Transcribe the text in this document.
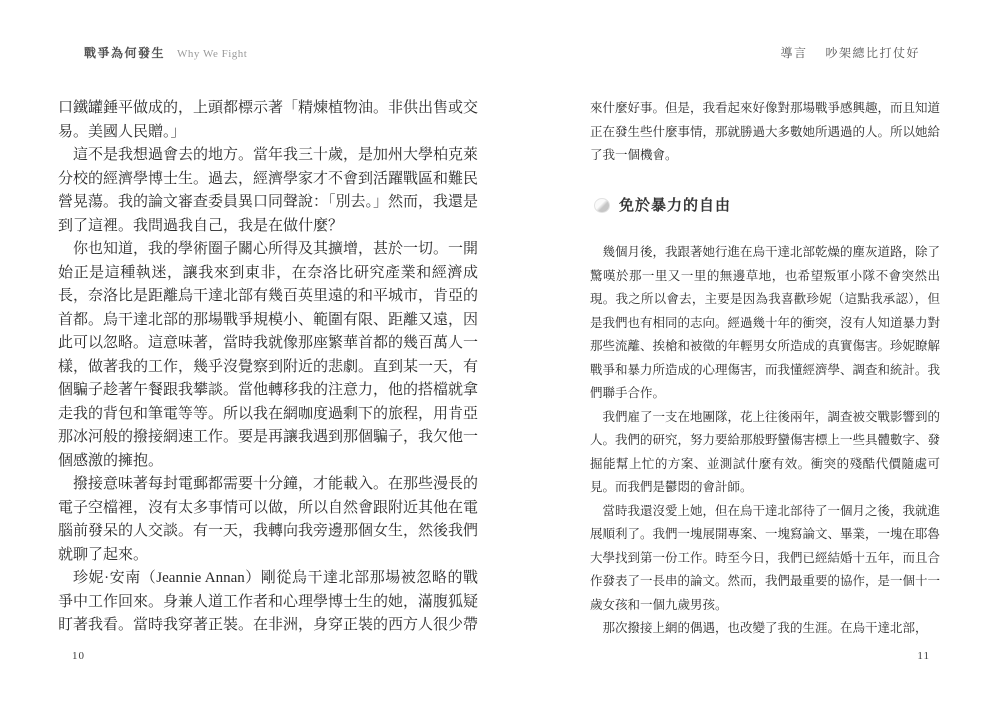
戰爭為何發生 Why We Fight	導言 吵架總比打仗好

口鐵罐錘平做成的，上頭都標示著「精煉植物油。非供出售或交易。美國人民贈。」

這不是我想過會去的地方。當年我三十歲，是加州大學柏克萊分校的經濟學博士生。過去，經濟學家才不會到活躍戰區和難民營晃蕩。我的論文審查委員異口同聲說：「別去。」然而，我還是到了這裡。我問過我自己，我是在做什麼？

你也知道，我的學術圈子關心所得及其擴增，甚於一切。一開始正是這種執迷，讓我來到東非，在奈洛比研究產業和經濟成長，奈洛比是距離烏干達北部有幾百英里遠的和平城市，肯亞的首都。烏干達北部的那場戰爭規模小、範圍有限、距離又遠，因此可以忽略。這意味著，當時我就像那座繁華首都的幾百萬人一樣，做著我的工作，幾乎沒覺察到附近的悲劇。直到某一天，有個騙子趁著午餐跟我攀談。當他轉移我的注意力，他的搭檔就拿走我的背包和筆電等等。所以我在網咖度過剩下的旅程，用肯亞那冰河般的撥接網速工作。要是再讓我遇到那個騙子，我欠他一個感激的擁抱。

撥接意味著每封電郵都需要十分鐘，才能載入。在那些漫長的電子空檔裡，沒有太多事情可以做，所以自然會跟附近其他在電腦前發呆的人交談。有一天，我轉向我旁邊那個女生，然後我們就聊了起來。

珍妮·安南（Jeannie Annan）剛從烏干達北部那場被忽略的戰爭中工作回來。身兼人道工作者和心理學博士生的她，滿腹狐疑盯著我看。當時我穿著正裝。在非洲，身穿正裝的西方人很少帶

來什麼好事。但是，我看起來好像對那場戰爭感興趣，而且知道正在發生些什麼事情，那就勝過大多數她所遇過的人。所以她給了我一個機會。

免於暴力的自由

幾個月後，我跟著她行進在烏干達北部乾燥的塵灰道路，除了驚嘆於那一里又一里的無邊草地，也希望叛軍小隊不會突然出現。我之所以會去，主要是因為我喜歡珍妮（這點我承認），但是我們也有相同的志向。經過幾十年的衝突，沒有人知道暴力對那些流離、挨槍和被徵的年輕男女所造成的真實傷害。珍妮瞭解戰爭和暴力所造成的心理傷害，而我懂經濟學、調查和統計。我們聯手合作。

我們雇了一支在地團隊，花上往後兩年，調查被交戰影響到的人。我們的研究，努力要給那般野蠻傷害標上一些具體數字、發掘能幫上忙的方案、並測試什麼有效。衝突的殘酷代價隨處可見。而我們是鬱悶的會計師。

當時我還沒愛上她，但在烏干達北部待了一個月之後，我就進展順利了。我們一塊展開專案、一塊寫論文、畢業，一塊在耶魯大學找到第一份工作。時至今日，我們已經結婚十五年，而且合作發表了一長串的論文。然而，我們最重要的協作，是一個十一歲女孩和一個九歲男孩。

那次撥接上網的偶遇，也改變了我的生涯。在烏干達北部，

10	11
